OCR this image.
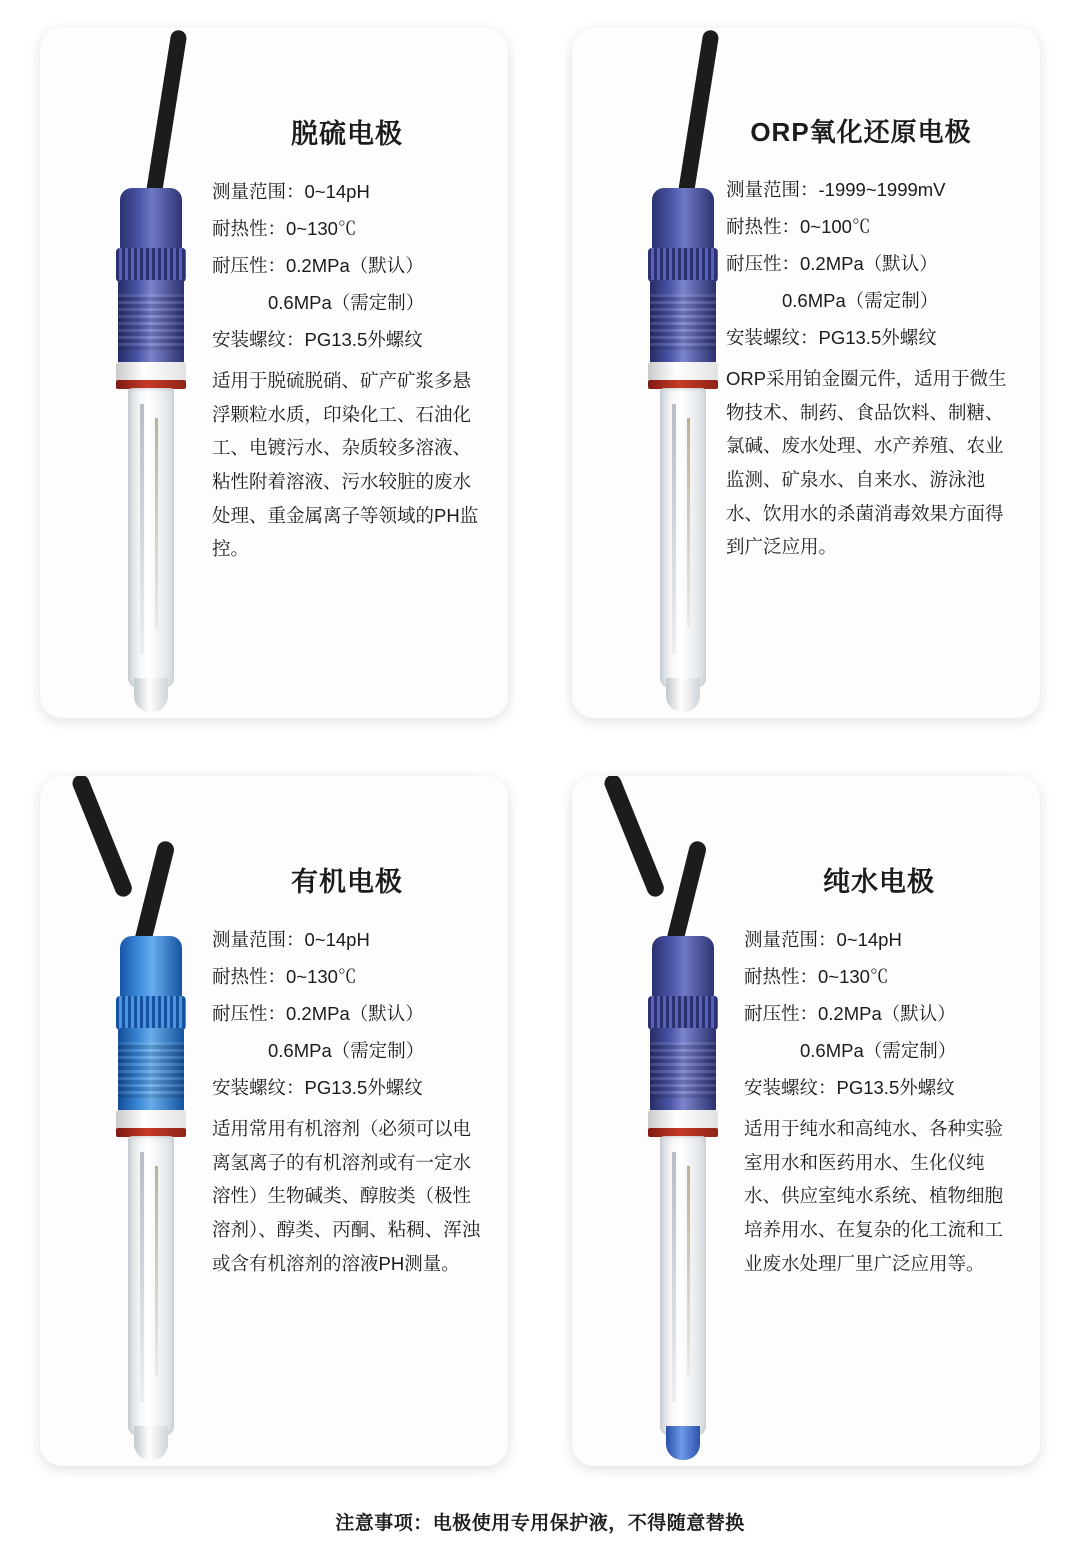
脱硫电极
测量范围：0~14pH
耐热性：0~130℃
耐压性：0.2MPa（默认）
0.6MPa（需定制）
安装螺纹：PG13.5外螺纹
适用于脱硫脱硝、矿产矿浆多悬浮颗粒水质，印染化工、石油化工、电镀污水、杂质较多溶液、粘性附着溶液、污水较脏的废水处理、重金属离子等领域的PH监控。
ORP氧化还原电极
测量范围：-1999~1999mV
耐热性：0~100℃
耐压性：0.2MPa（默认）
0.6MPa（需定制）
安装螺纹：PG13.5外螺纹
ORP采用铂金圈元件，适用于微生物技术、制药、食品饮料、制糖、氯碱、废水处理、水产养殖、农业监测、矿泉水、自来水、游泳池水、饮用水的杀菌消毒效果方面得到广泛应用。
有机电极
测量范围：0~14pH
耐热性：0~130℃
耐压性：0.2MPa（默认）
0.6MPa（需定制）
安装螺纹：PG13.5外螺纹
适用常用有机溶剂（必须可以电离氢离子的有机溶剂或有一定水溶性）生物碱类、醇胺类（极性溶剂）、醇类、丙酮、粘稠、浑浊或含有机溶剂的溶液PH测量。
纯水电极
测量范围：0~14pH
耐热性：0~130℃
耐压性：0.2MPa（默认）
0.6MPa（需定制）
安装螺纹：PG13.5外螺纹
适用于纯水和高纯水、各种实验室用水和医药用水、生化仪纯水、供应室纯水系统、植物细胞培养用水、在复杂的化工流和工业废水处理厂里广泛应用等。
注意事项：电极使用专用保护液，不得随意替换
